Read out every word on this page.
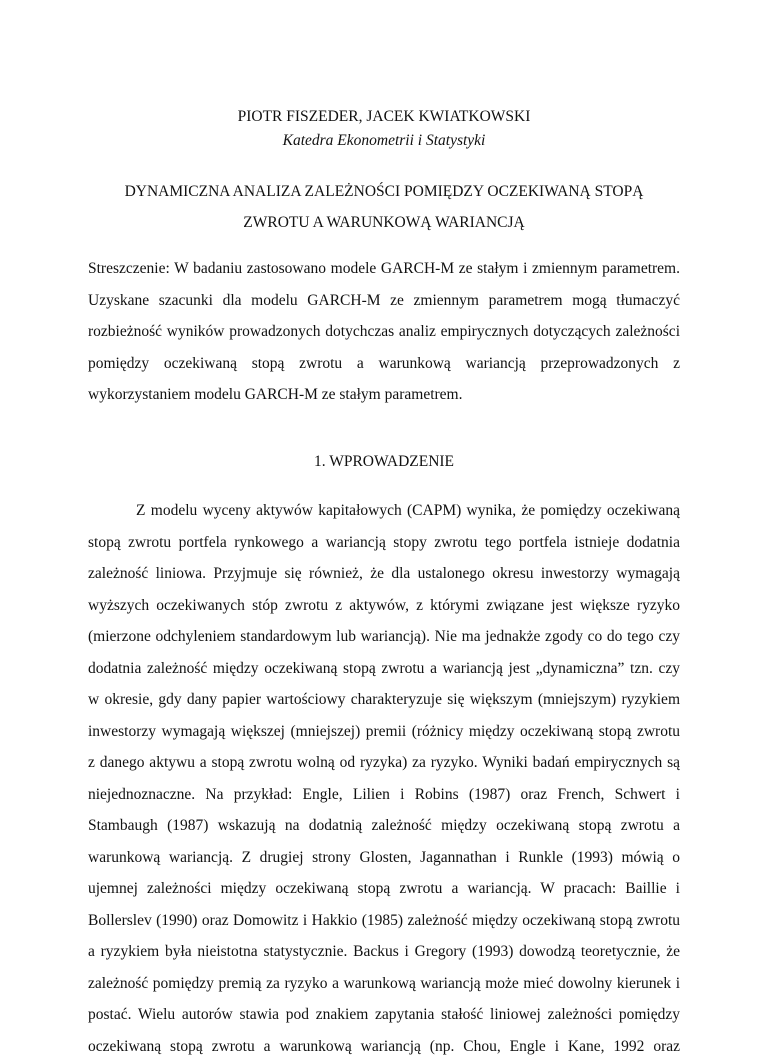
PIOTR FISZEDER, JACEK KWIATKOWSKI
Katedra Ekonometrii i Statystyki
DYNAMICZNA ANALIZA ZALEŻNOŚCI POMIĘDZY OCZEKIWANĄ STOPĄ
ZWROTU A WARUNKOWĄ WARIANCJĄ
Streszczenie: W badaniu zastosowano modele GARCH-M ze stałym i zmiennym parametrem.
Uzyskane szacunki dla modelu GARCH-M ze zmiennym parametrem mogą tłumaczyć
rozbieżność wyników prowadzonych dotychczas analiz empirycznych dotyczących zależności
pomiędzy oczekiwaną stopą zwrotu a warunkową wariancją przeprowadzonych z
wykorzystaniem modelu GARCH-M ze stałym parametrem.
1. WPROWADZENIE
Z modelu wyceny aktywów kapitałowych (CAPM) wynika, że pomiędzy oczekiwaną
stopą zwrotu portfela rynkowego a wariancją stopy zwrotu tego portfela istnieje dodatnia
zależność liniowa. Przyjmuje się również, że dla ustalonego okresu inwestorzy wymagają
wyższych oczekiwanych stóp zwrotu z aktywów, z którymi związane jest większe ryzyko
(mierzone odchyleniem standardowym lub wariancją). Nie ma jednakże zgody co do tego czy
dodatnia zależność między oczekiwaną stopą zwrotu a wariancją jest „dynamiczna” tzn. czy
w okresie, gdy dany papier wartościowy charakteryzuje się większym (mniejszym) ryzykiem
inwestorzy wymagają większej (mniejszej) premii (różnicy między oczekiwaną stopą zwrotu
z danego aktywu a stopą zwrotu wolną od ryzyka) za ryzyko. Wyniki badań empirycznych są
niejednoznaczne. Na przykład: Engle, Lilien i Robins (1987) oraz French, Schwert i
Stambaugh (1987) wskazują na dodatnią zależność między oczekiwaną stopą zwrotu a
warunkową wariancją. Z drugiej strony Glosten, Jagannathan i Runkle (1993) mówią o
ujemnej zależności między oczekiwaną stopą zwrotu a wariancją. W pracach: Baillie i
Bollerslev (1990) oraz Domowitz i Hakkio (1985) zależność między oczekiwaną stopą zwrotu
a ryzykiem była nieistotna statystycznie. Backus i Gregory (1993) dowodzą teoretycznie, że
zależność pomiędzy premią za ryzyko a warunkową wariancją może mieć dowolny kierunek i
postać. Wielu autorów stawia pod znakiem zapytania stałość liniowej zależności pomiędzy
oczekiwaną stopą zwrotu a warunkową wariancją (np. Chou, Engle i Kane, 1992 oraz
